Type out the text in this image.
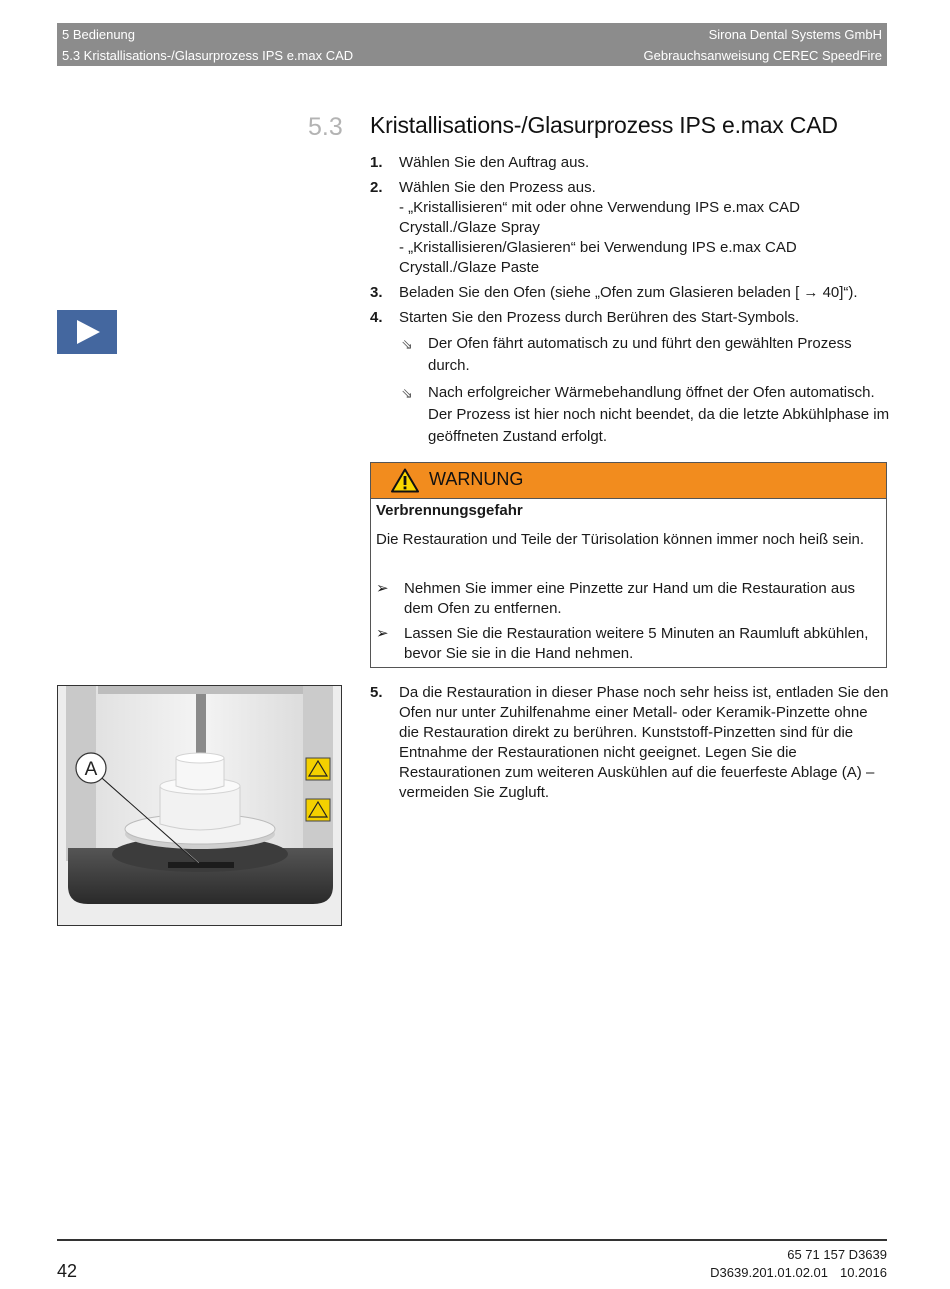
5 Bedienung
5.3 Kristallisations-/Glasurprozess IPS e.max CAD
Sirona Dental Systems GmbH
Gebrauchsanweisung CEREC SpeedFire
5.3 Kristallisations-/Glasurprozess IPS e.max CAD
1. Wählen Sie den Auftrag aus.
2. Wählen Sie den Prozess aus.
- „Kristallisieren“ mit oder ohne Verwendung IPS e.max CAD
Crystall./Glaze Spray
- „Kristallisieren/Glasieren“ bei Verwendung IPS e.max CAD
Crystall./Glaze Paste
3. Beladen Sie den Ofen (siehe „Ofen zum Glasieren beladen [ → 40]“).
4. Starten Sie den Prozess durch Berühren des Start-Symbols.
⇘ Der Ofen fährt automatisch zu und führt den gewählten Prozess durch.
⇘ Nach erfolgreicher Wärmebehandlung öffnet der Ofen automatisch. Der Prozess ist hier noch nicht beendet, da die letzte Abkühlphase im geöffneten Zustand erfolgt.
WARNUNG
Verbrennungsgefahr
Die Restauration und Teile der Türisolation können immer noch heiß sein.
➢ Nehmen Sie immer eine Pinzette zur Hand um die Restauration aus dem Ofen zu entfernen.
➢ Lassen Sie die Restauration weitere 5 Minuten an Raumluft abkühlen, bevor Sie sie in die Hand nehmen.
A
5. Da die Restauration in dieser Phase noch sehr heiss ist, entladen Sie den Ofen nur unter Zuhilfenahme einer Metall- oder Keramik-Pinzette ohne die Restauration direkt zu berühren. Kunststoff-Pinzetten sind für die Entnahme der Restaurationen nicht geeignet. Legen Sie die Restaurationen zum weiteren Auskühlen auf die feuerfeste Ablage (A) – vermeiden Sie Zugluft.
42
65 71 157 D3639
D3639.201.01.02.01 10.2016
